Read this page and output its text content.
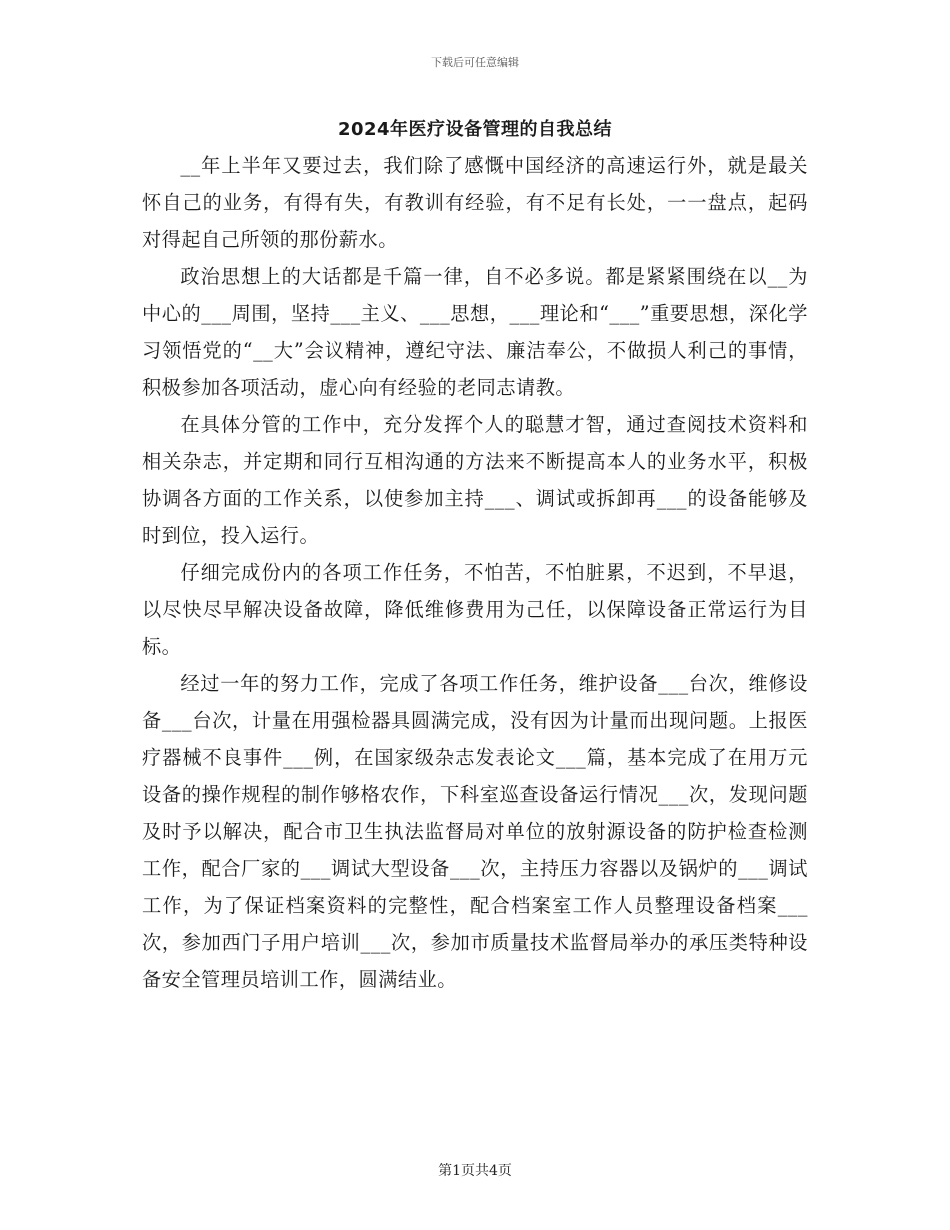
下载后可任意编辑
2024年医疗设备管理的自我总结

__年上半年又要过去，我们除了感慨中国经济的高速运行外，就是最关怀自己的业务，有得有失，有教训有经验，有不足有长处，一一盘点，起码对得起自己所领的那份薪水。

政治思想上的大话都是千篇一律，自不必多说。都是紧紧围绕在以__为中心的___周围，坚持___主义、___思想，___理论和“___”重要思想，深化学习领悟党的“__大”会议精神，遵纪守法、廉洁奉公，不做损人利己的事情，积极参加各项活动，虚心向有经验的老同志请教。

在具体分管的工作中，充分发挥个人的聪慧才智，通过查阅技术资料和相关杂志，并定期和同行互相沟通的方法来不断提高本人的业务水平，积极协调各方面的工作关系，以使参加主持___、调试或拆卸再___的设备能够及时到位，投入运行。

仔细完成份内的各项工作任务，不怕苦，不怕脏累，不迟到，不早退，以尽快尽早解决设备故障，降低维修费用为己任，以保障设备正常运行为目标。

经过一年的努力工作，完成了各项工作任务，维护设备___台次，维修设备___台次，计量在用强检器具圆满完成，没有因为计量而出现问题。上报医疗器械不良事件___例，在国家级杂志发表论文___篇，基本完成了在用万元设备的操作规程的制作够格农作，下科室巡查设备运行情况___次，发现问题及时予以解决，配合市卫生执法监督局对单位的放射源设备的防护检查检测工作，配合厂家的___调试大型设备___次，主持压力容器以及锅炉的___调试工作，为了保证档案资料的完整性，配合档案室工作人员整理设备档案___次，参加西门子用户培训___次，参加市质量技术监督局举办的承压类特种设备安全管理员培训工作，圆满结业。

第1页共4页
